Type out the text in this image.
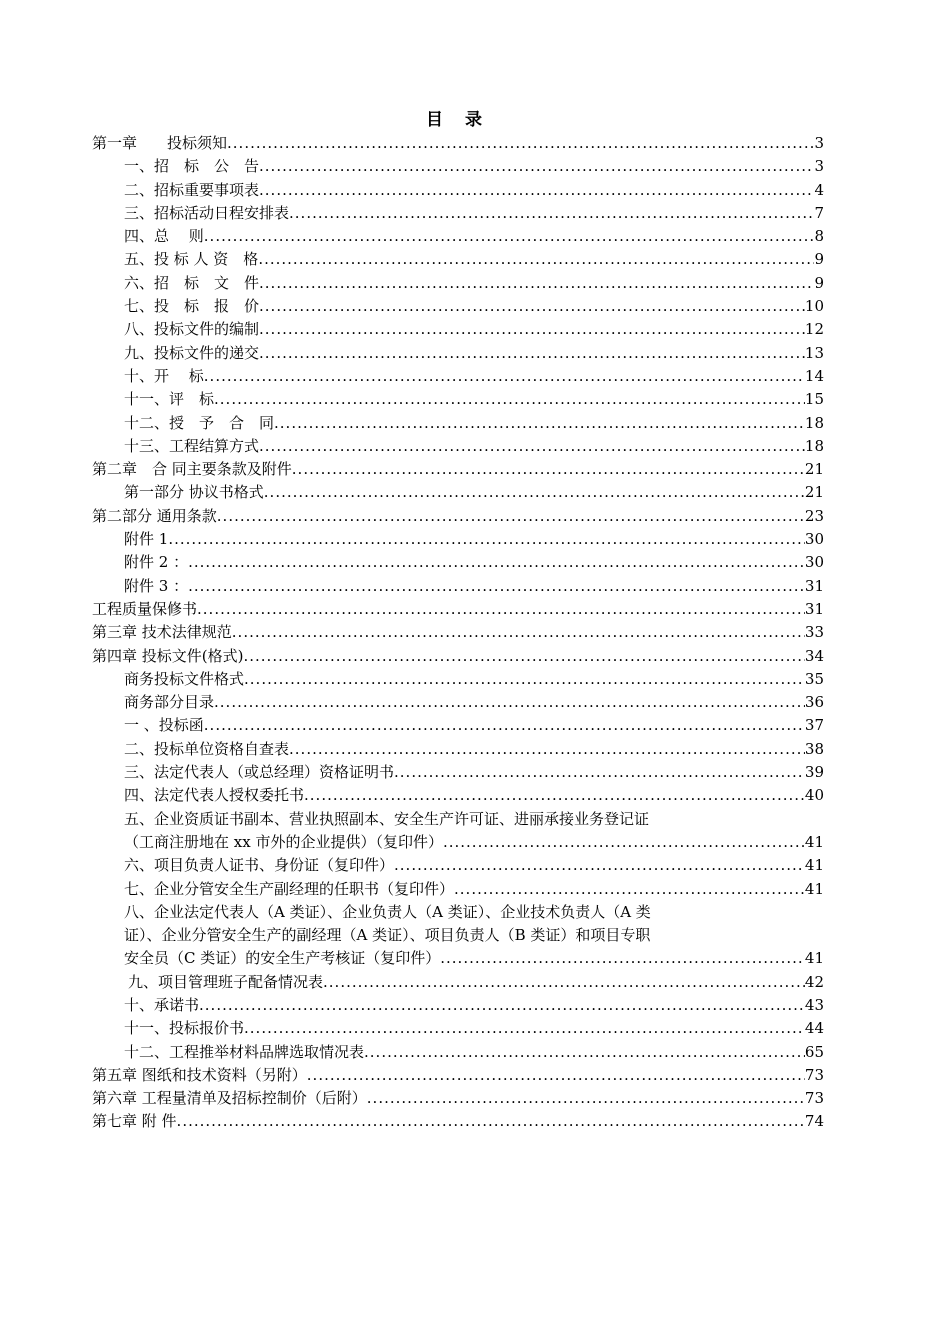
目 录
第一章　　投标须知 .....	3
一、招　标　公　告 .....	3
二、招标重要事项表 .....	4
三、招标活动日程安排表 .....	7
四、总　 则 .....	8
五、投 标 人 资　格 .....	9
六、招　标　文　件 .....	9
七、投　标　报　价 .....	10
八、投标文件的编制 .....	12
九、投标文件的递交 .....	13
十、开　 标 .....	14
十一、评　标 .....	15
十二、授　予　合　同 .....	18
十三、工程结算方式 .....	18
第二章　合 同主要条款及附件 .....	21
第一部分 协议书格式 .....	21
第二部分 通用条款 .....	23
附件 1 .....	30
附件 2 ： .....	30
附件 3 ： .....	31
工程质量保修书 .....	31
第三章 技术法律规范 .....	33
第四章 投标文件(格式) .....	34
商务投标文件格式 .....	35
商务部分目录 .....	36
一 、投标函 .....	37
二、投标单位资格自查表 .....	38
三、法定代表人（或总经理）资格证明书 .....	39
四、法定代表人授权委托书 .....	40
五、企业资质证书副本、营业执照副本、安全生产许可证、进丽承接业务登记证
（工商注册地在 xx 市外的企业提供）（复印件） .....	41
六、项目负责人证书、身份证（复印件） .....	41
七、企业分管安全生产副经理的任职书（复印件） .....	41
八、企业法定代表人（A 类证）、企业负责人（A 类证）、企业技术负责人（A 类
证）、企业分管安全生产的副经理（A 类证）、项目负责人（B 类证）和项目专职
安全员（C 类证）的安全生产考核证（复印件） .....	41
九、项目管理班子配备情况表 .....	42
十、承诺书 .....	43
十一、投标报价书 .....	44
十二、工程推举材料品牌选取情况表 .....	65
第五章 图纸和技术资料（另附） .....	73
第六章 工程量清单及招标控制价（后附） .....	73
第七章 附 件 .....	74
